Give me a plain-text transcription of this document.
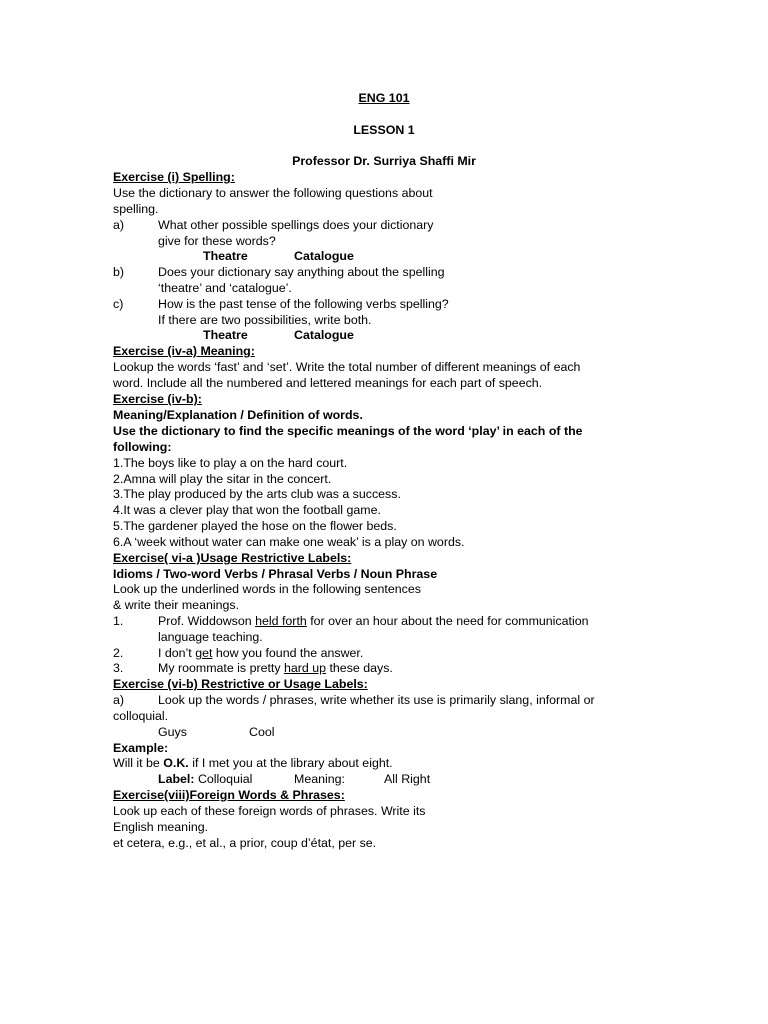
ENG 101
LESSON 1
Professor Dr. Surriya Shaffi Mir
Exercise (i) Spelling:
Use the dictionary to answer the following questions about
spelling.
a)	What other possible spellings does your dictionary
give for these words?
Theatre	Catalogue
b)	Does your dictionary say anything about the spelling
‘theatre’ and ‘catalogue’.
c)	How is the past tense of the following verbs spelling?
If there are two possibilities, write both.
Theatre	Catalogue
Exercise (iv-a) Meaning:
Lookup the words ‘fast’ and ‘set’. Write the total number of different meanings of each
word. Include all the numbered and lettered meanings for each part of speech.
Exercise (iv-b):
Meaning/Explanation / Definition of words.
Use the dictionary to find the specific meanings of the word ‘play’ in each of the
following:
1.The boys like to play a on the hard court.
2.Amna will play the sitar in the concert.
3.The play produced by the arts club was a success.
4.It was a clever play that won the football game.
5.The gardener played the hose on the flower beds.
6.A ‘week without water can make one weak’ is a play on words.
Exercise( vi-a )Usage Restrictive Labels:
Idioms / Two-word Verbs / Phrasal Verbs / Noun Phrase
Look up the underlined words in the following sentences
& write their meanings.
1.	Prof. Widdowson held forth for over an hour about the need for communication
language teaching.
2.	I don’t get how you found the answer.
3.	My roommate is pretty hard up these days.
Exercise (vi-b) Restrictive or Usage Labels:
a)	Look up the words / phrases, write whether its use is primarily slang, informal or
colloquial.
Guys	Cool
Example:
Will it be O.K. if I met you at the library about eight.
Label: Colloquial	Meaning:	All Right
Exercise(viii)Foreign Words & Phrases:
Look up each of these foreign words of phrases. Write its
English meaning.
et cetera, e.g., et al., a prior, coup d’état, per se.
